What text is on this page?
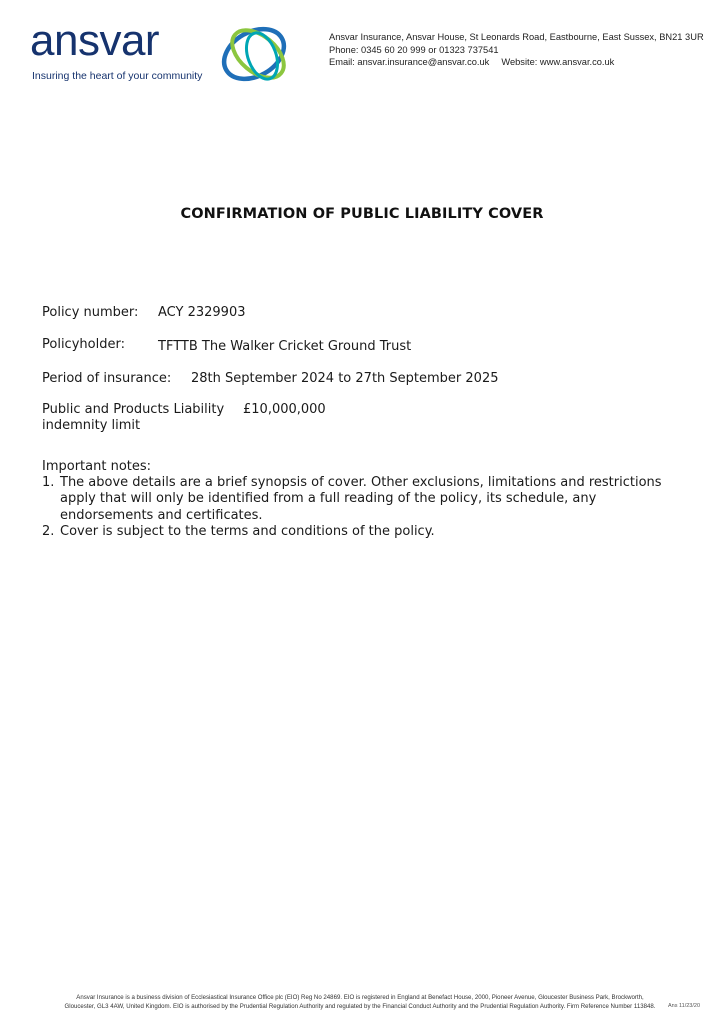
ansvar
Insuring the heart of your community
Ansvar Insurance, Ansvar House, St Leonards Road, Eastbourne, East Sussex, BN21 3UR
Phone: 0345 60 20 999 or 01323 737541
Email: ansvar.insurance@ansvar.co.uk Website: www.ansvar.co.uk
CONFIRMATION OF PUBLIC LIABILITY COVER
Policy number: ACY 2329903
Policyholder:	TFTTB The Walker Cricket Ground Trust
Period of insurance: 28th September 2024 to 27th September 2025
Public and Products Liability
indemnity limit
£10,000,000
Important notes:
1. The above details are a brief synopsis of cover. Other exclusions, limitations and restrictions apply that will only be identified from a full reading of the policy, its schedule, any endorsements and certificates.
2. Cover is subject to the terms and conditions of the policy.
Ansvar Insurance is a business division of Ecclesiastical Insurance Office plc (EIO) Reg No 24869. EIO is registered in England at Benefact House, 2000, Pioneer Avenue, Gloucester Business Park, Brockworth,
Gloucester, GL3 4AW, United Kingdom. EIO is authorised by the Prudential Regulation Authority and regulated by the Financial Conduct Authority and the Prudential Regulation Authority. Firm Reference Number 113848.	Ans 11/23/20
